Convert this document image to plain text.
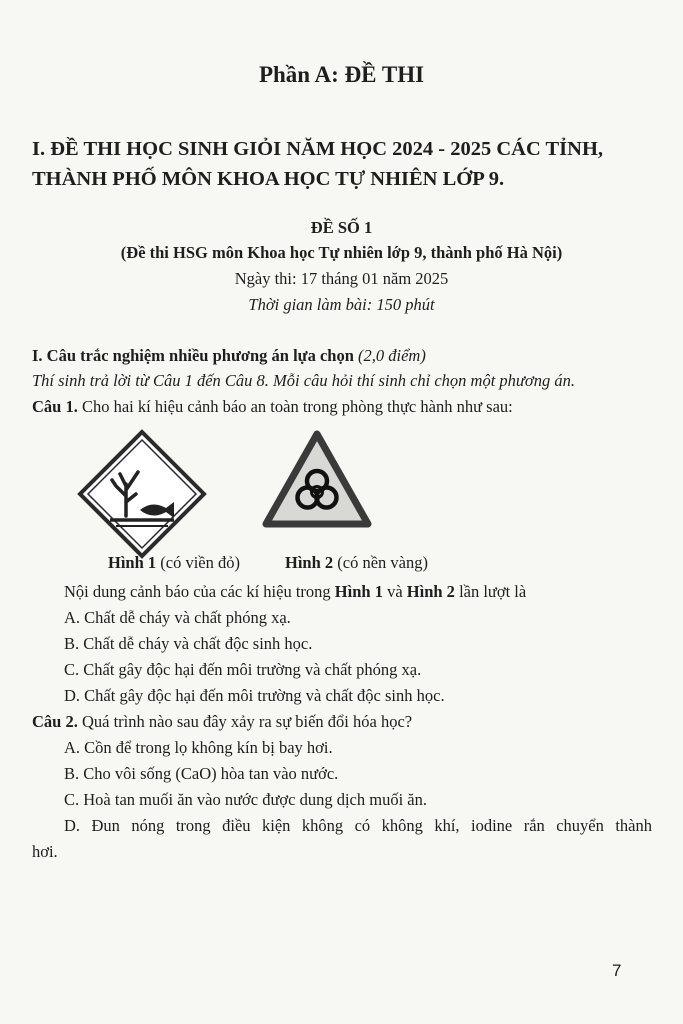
Phần A: ĐỀ THI
I. ĐỀ THI HỌC SINH GIỎI NĂM HỌC 2024 - 2025 CÁC TỈNH,
THÀNH PHỐ MÔN KHOA HỌC TỰ NHIÊN LỚP 9.
ĐỀ SỐ 1
(Đề thi HSG môn Khoa học Tự nhiên lớp 9, thành phố Hà Nội)
Ngày thi: 17 tháng 01 năm 2025
Thời gian làm bài: 150 phút
I. Câu trắc nghiệm nhiều phương án lựa chọn (2,0 điểm)
Thí sinh trả lời từ Câu 1 đến Câu 8. Mỗi câu hỏi thí sinh chỉ chọn một phương án.
Câu 1. Cho hai kí hiệu cảnh báo an toàn trong phòng thực hành như sau:
Hình 1 (có viền đỏ)	Hình 2 (có nền vàng)
Nội dung cảnh báo của các kí hiệu trong Hình 1 và Hình 2 lần lượt là
A. Chất dễ cháy và chất phóng xạ.
B. Chất dễ cháy và chất độc sinh học.
C. Chất gây độc hại đến môi trường và chất phóng xạ.
D. Chất gây độc hại đến môi trường và chất độc sinh học.
Câu 2. Quá trình nào sau đây xảy ra sự biến đổi hóa học?
A. Cồn để trong lọ không kín bị bay hơi.
B. Cho vôi sống (CaO) hòa tan vào nước.
C. Hoà tan muối ăn vào nước được dung dịch muối ăn.
D. Đun nóng trong điều kiện không có không khí, iodine rắn chuyển thành
hơi.
7
